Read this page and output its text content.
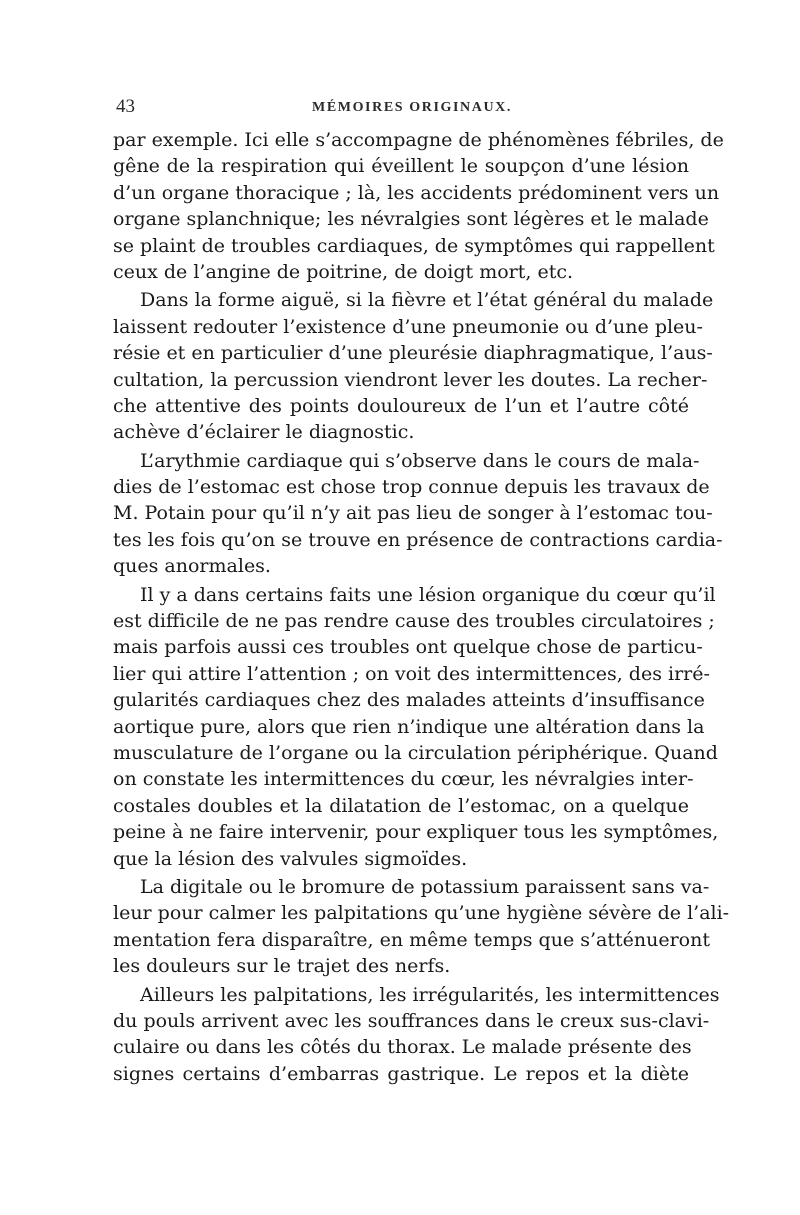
43	MÉMOIRES ORIGINAUX.
par exemple. Ici elle s’accompagne de phénomènes fébriles, de
gêne de la respiration qui éveillent le soupçon d’une lésion
d’un organe thoracique ; là, les accidents prédominent vers un
organe splanchnique; les névralgies sont légères et le malade
se plaint de troubles cardiaques, de symptômes qui rappellent
ceux de l’angine de poitrine, de doigt mort, etc.
Dans la forme aiguë, si la fièvre et l’état général du malade
laissent redouter l’existence d’une pneumonie ou d’une pleu-
résie et en particulier d’une pleurésie diaphragmatique, l’aus-
cultation, la percussion viendront lever les doutes. La recher-
che attentive des points douloureux de l’un et l’autre côté
achève d’éclairer le diagnostic.
L’arythmie cardiaque qui s’observe dans le cours de mala-
dies de l’estomac est chose trop connue depuis les travaux de
M. Potain pour qu’il n’y ait pas lieu de songer à l’estomac tou-
tes les fois qu’on se trouve en présence de contractions cardia-
ques anormales.
Il y a dans certains faits une lésion organique du cœur qu’il
est difficile de ne pas rendre cause des troubles circulatoires ;
mais parfois aussi ces troubles ont quelque chose de particu-
lier qui attire l’attention ; on voit des intermittences, des irré-
gularités cardiaques chez des malades atteints d’insuffisance
aortique pure, alors que rien n’indique une altération dans la
musculature de l’organe ou la circulation périphérique. Quand
on constate les intermittences du cœur, les névralgies inter-
costales doubles et la dilatation de l’estomac, on a quelque
peine à ne faire intervenir, pour expliquer tous les symptômes,
que la lésion des valvules sigmoïdes.
La digitale ou le bromure de potassium paraissent sans va-
leur pour calmer les palpitations qu’une hygiène sévère de l’ali-
mentation fera disparaître, en même temps que s’atténueront
les douleurs sur le trajet des nerfs.
Ailleurs les palpitations, les irrégularités, les intermittences
du pouls arrivent avec les souffrances dans le creux sus-clavi-
culaire ou dans les côtés du thorax. Le malade présente des
signes certains d’embarras gastrique. Le repos et la diète
